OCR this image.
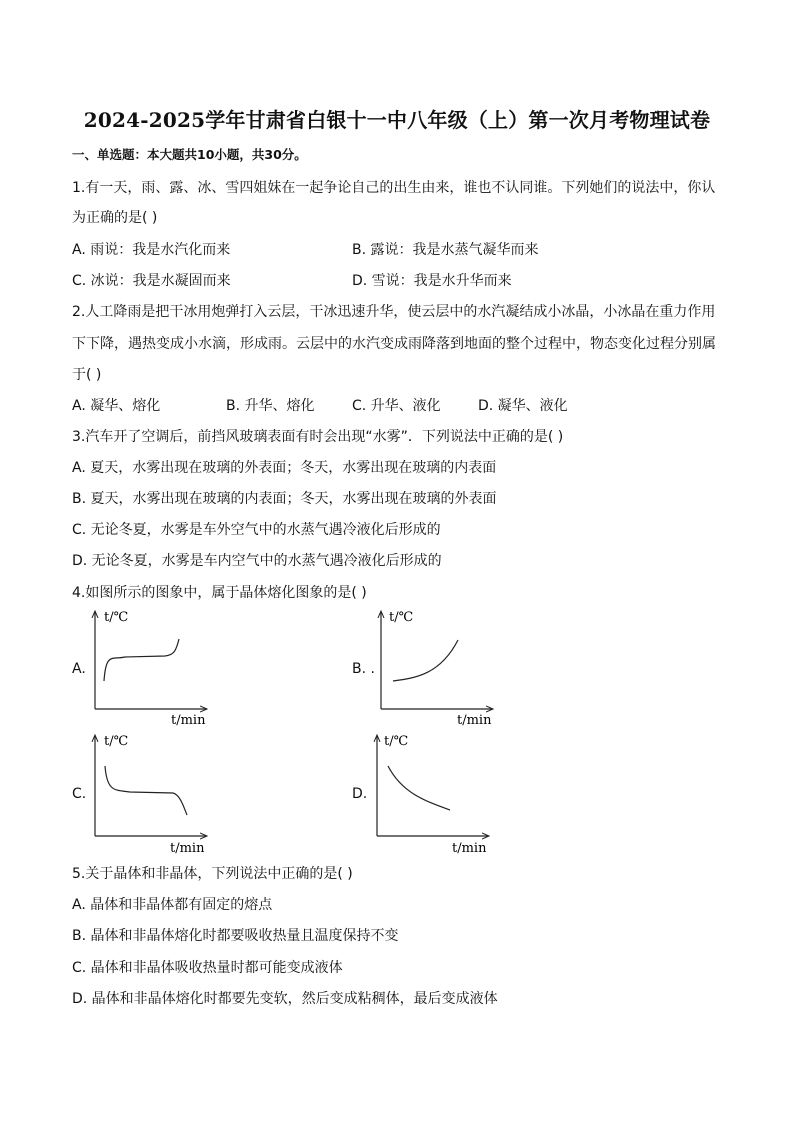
2024-2025学年甘肃省白银十一中八年级（上）第一次月考物理试卷
一、单选题：本大题共10小题，共30分。
1.有一天，雨、露、冰、雪四姐妹在一起争论自己的出生由来，谁也不认同谁。下列她们的说法中，你认
为正确的是( )
A. 雨说：我是水汽化而来	B. 露说：我是水蒸气凝华而来
C. 冰说：我是水凝固而来	D. 雪说：我是水升华而来
2.人工降雨是把干冰用炮弹打入云层，干冰迅速升华，使云层中的水汽凝结成小冰晶，小冰晶在重力作用
下下降，遇热变成小水滴，形成雨。云层中的水汽变成雨降落到地面的整个过程中，物态变化过程分别属
于( )
A. 凝华、熔化	B. 升华、熔化	C. 升华、液化	D. 凝华、液化
3.汽车开了空调后，前挡风玻璃表面有时会出现“水雾”．下列说法中正确的是( )
A. 夏天，水雾出现在玻璃的外表面；冬天，水雾出现在玻璃的内表面
B. 夏天，水雾出现在玻璃的内表面；冬天，水雾出现在玻璃的外表面
C. 无论冬夏，水雾是车外空气中的水蒸气遇冷液化后形成的
D. 无论冬夏，水雾是车内空气中的水蒸气遇冷液化后形成的
4.如图所示的图象中，属于晶体熔化图象的是( )
A.	B. .
C.	D.
t/℃
t/min
t/℃
t/min
t/℃
t/min
t/℃
t/min
5.关于晶体和非晶体，下列说法中正确的是( )
A. 晶体和非晶体都有固定的熔点
B. 晶体和非晶体熔化时都要吸收热量且温度保持不变
C. 晶体和非晶体吸收热量时都可能变成液体
D. 晶体和非晶体熔化时都要先变软，然后变成粘稠体，最后变成液体
